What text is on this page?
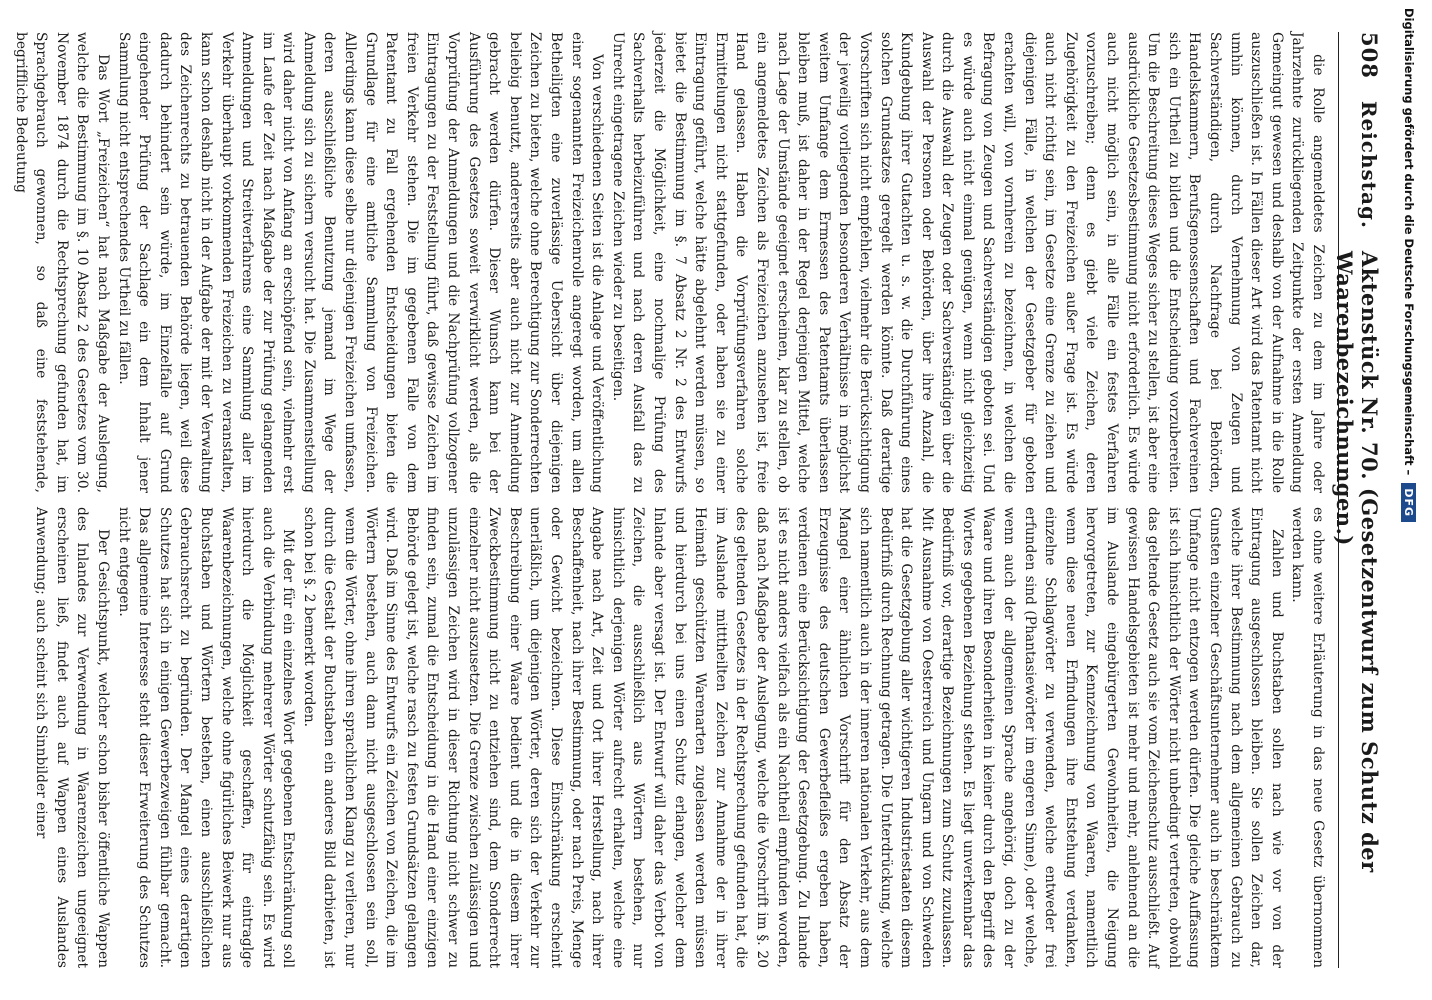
508
Reichstag.
Aktenstück Nr. 70. (Gesetzentwurf zum Schutz der Waarenbezeichnungen.)

die Rolle angemeldetes Zeichen zu dem im Jahre oder Jahrzehnte zurückliegenden Zeitpunkte der ersten Anmeldung Gemeingut gewesen und deshalb von der Aufnahme in die Rolle auszuschließen ist. In Fällen dieser Art wird das Patentamt nicht umhin können, durch Vernehmung von Zeugen und Sachverständigen, durch Nachfrage bei Behörden, Handelskammern, Berufsgenossenschaften und Fachvereinen sich ein Urtheil zu bilden und die Entscheidung vorzubereiten. Um die Beschreitung dieses Weges sicher zu stellen, ist aber eine ausdrückliche Gesetzesbestimmung nicht erforderlich. Es würde auch nicht möglich sein, in alle Fälle ein festes Verfahren vorzuschreiben; denn es giebt viele Zeichen, deren Zugehörigkeit zu den Freizeichen außer Frage ist. Es würde auch nicht richtig sein, im Gesetze eine Grenze zu ziehen und diejenigen Fälle, in welchen der Gesetzgeber für geboten erachten will, von vornherein zu bezeichnen, in welchen die Befragung von Zeugen und Sachverständigen geboten sei. Und es würde auch nicht einmal genügen, wenn nicht gleichzeitig durch die Auswahl der Zeugen oder Sachverständigen über die Auswahl der Personen oder Behörden, über ihre Anzahl, die Kundgebung ihrer Gutachten u. s. w. die Durchführung eines solchen Grundsatzes geregelt werden könnte. Daß derartige Vorschriften sich nicht empfehlen, vielmehr die Berücksichtigung der jeweilig vorliegenden besonderen Verhältnisse in möglichst weitem Umfange dem Ermessen des Patentamts überlassen bleiben muß, ist daher in der Regel derjenigen Mittel, welche nach Lage der Umstände geeignet erscheinen, klar zu stellen, ob ein angemeldetes Zeichen als Freizeichen anzusehen ist, freie Hand gelassen. Haben die Vorprüfungsverfahren solche Ermittelungen nicht stattgefunden, oder haben sie zu einer Eintragung geführt, welche hätte abgelehnt werden müssen, so bietet die Bestimmung im §. 7 Absatz 2 Nr. 2 des Entwurfs jederzeit die Möglichkeit, eine nochmalige Prüfung des Sachverhalts herbeizuführen und nach deren Ausfall das zu Unrecht eingetragene Zeichen wieder zu beseitigen.

Von verschiedenen Seiten ist die Anlage und Veröffentlichung einer sogenannten Freizeichenrolle angeregt worden, um allen Betheiligten eine zuverlässige Uebersicht über diejenigen Zeichen zu bieten, welche ohne Berechtigung zur Sonderrechten beliebig benutzt, andererseits aber auch nicht zur Anmeldung gebracht werden dürfen. Dieser Wunsch kann bei der Ausführung des Gesetzes soweit verwirklicht werden, als die Vorprüfung der Anmeldungen und die Nachprüfung vollzogener Eintragungen zu der Feststellung führt, daß gewisse Zeichen im freien Verkehr stehen. Die im gegebenen Falle von dem Patentamt zu Fall ergehenden Entscheidungen bieten die Grundlage für eine amtliche Sammlung von Freizeichen. Allerdings kann diese selbe nur diejenigen Freizeichen umfassen, deren ausschließliche Benutzung jemand im Wege der Anmeldung sich zu sichern versucht hat. Die Zusammenstellung wird daher nicht von Anfang an erschöpfend sein, vielmehr erst im Laufe der Zeit nach Maßgabe der zur Prüfung gelangenden Anmeldungen und Streitverfahrens eine Sammlung aller im Verkehr überhaupt vorkommenden Freizeichen zu veranstalten, kann schon deshalb nicht in der Aufgabe der mit der Verwaltung des Zeichenrechts zu betrauenden Behörde liegen, weil diese dadurch behindert sein würde, im Einzelfalle auf Grund eingehender Prüfung der Sachlage ein dem Inhalt jener Sammlung nicht entsprechendes Urtheil zu fällen.

Das Wort „Freizeichen“ hat nach Maßgabe der Auslegung, welche die Bestimmung im §. 10 Absatz 2 des Gesetzes vom 30. November 1874 durch die Rechtsprechung gefunden hat, im Sprachgebrauch gewonnen, so daß eine feststehende, begriffliche Bedeutung

es ohne weitere Erläuterung in das neue Gesetz übernommen werden kann.

Zahlen und Buchstaben sollen nach wie vor von der Eintragung ausgeschlossen bleiben. Sie sollen Zeichen dar, welche ihrer Bestimmung nach dem allgemeinen Gebrauch zu Gunsten einzelner Geschäftsunternehmer auch in beschränktem Umfange nicht entzogen werden dürfen. Die gleiche Auffassung ist sich hinsichtlich der Wörter nicht unbedingt vertreten, obwohl das geltende Gesetz auch sie vom Zeichenschutz ausschließt. Auf gewissen Handelsgebieten ist mehr und mehr, anlehnend an die im Auslande eingebürgerten Gewohnheiten, die Neigung hervorgetreten, zur Kennzeichnung von Waaren, namentlich wenn diese neuen Erfindungen ihre Entstehung verdanken, einzelne Schlagwörter zu verwenden, welche entweder frei erfunden sind (Phantasiewörter im engeren Sinne), oder welche, wenn auch der allgemeinen Sprache angehörig, doch zu der Waare und ihren Besonderheiten in keiner durch den Begriff des Wortes gegebenen Beziehung stehen. Es liegt unverkennbar das Bedürfniß vor, derartige Bezeichnungen zum Schutz zuzulassen. Mit Ausnahme von Oesterreich und Ungarn und von Schweden hat die Gesetzgebung aller wichtigeren Industriestaaten diesem Bedürfniß durch Rechnung getragen. Die Unterdrückung, welche sich namentlich auch in der inneren nationalen Verkehr, aus dem Mangel einer ähnlichen Vorschrift für den Absatz der Erzeugnisse des deutschen Gewerbefleißes ergeben haben, verdienen eine Berücksichtigung der Gesetzgebung. Zu Inlande ist es nicht anders vielfach als ein Nachtheil empfunden worden, daß nach Maßgabe der Auslegung, welche die Vorschrift im §. 20 des geltenden Gesetzes in der Rechtsprechung gefunden hat, die im Auslande mitttheilten Zeichen zur Annahme der in ihrer Heimath geschützten Warenarten zugelassen werden müssen und hierdurch bei uns einen Schutz erlangen, welcher dem Inlande aber versagt ist. Der Entwurf will daher das Verbot von Zeichen, die ausschließlich aus Wörtern bestehen, nur hinsichtlich derjenigen Wörter aufrecht erhalten, welche eine Angabe nach Art, Zeit und Ort ihrer Herstellung, nach ihrer Beschaffenheit, nach ihrer Bestimmung, oder nach Preis, Menge oder Gewicht bezeichnen. Diese Einschränkung erscheint unerläßlich, um diejenigen Wörter, deren sich der Verkehr zur Beschreibung einer Waare bedient und die in diesem ihrer Zweckbestimmung nicht zu entziehen sind, dem Sonderrecht einzelner nicht auszusetzen. Die Grenze zwischen zulässigen und unzulässigen Zeichen wird in dieser Richtung nicht schwer zu finden sein, zumal die Entscheidung in die Hand einer einzigen Behörde gelegt ist, welche rasch zu festen Grundsätzen gelangen wird. Daß im Sinne des Entwurfs ein Zeichen von Zeichen, die im Wörtern bestehen, auch dann nicht ausgeschlossen sein soll, wenn die Wörter, ohne ihren sprachlichen Klang zu verlieren, nur durch die Gestalt der Buchstaben ein anderes Bild darbieten, ist schon bei §. 2 bemerkt worden.

Mit der für ein einzelnes Wort gegebenen Entschränkung soll auch die Verbindung mehrerer Wörter schutzfähig sein. Es wird hierdurch die Möglichkeit geschaffen, für eintraglge Waarenbezeichnungen, welche ohne figürliches Beiwerk nur aus Buchstaben und Wörtern bestehen, einen ausschließlichen Gebrauchsrecht zu begründen. Der Mangel eines derartigen Schutzes hat sich in einigen Gewerbezweigen fühlbar gemacht. Das allgemeine Interesse steht dieser Erweiterung des Schutzes nicht entgegen.

Der Gesichtspunkt, welcher schon bisher öffentliche Wappen des Inlandes zur Verwendung in Waarenzeichen ungeeignet erscheinen ließ, findet auch auf Wappen eines Auslandes Anwendung; auch scheint sich Sinnbilder einer

Digitalisierung gefördert durch die Deutsche Forschungsgemeinschaft –
DFG
